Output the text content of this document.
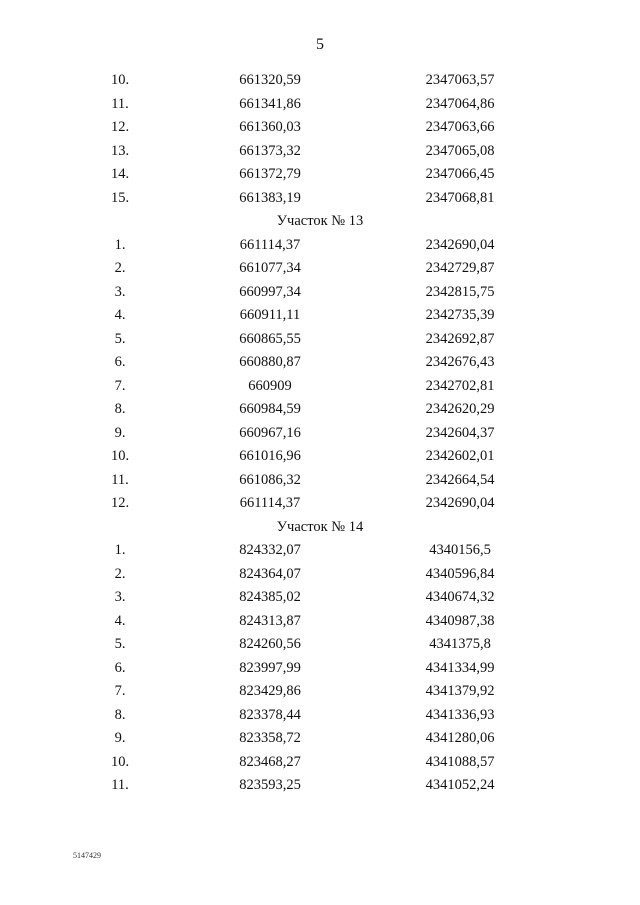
5
10.	661320,59	2347063,57
11.	661341,86	2347064,86
12.	661360,03	2347063,66
13.	661373,32	2347065,08
14.	661372,79	2347066,45
15.	661383,19	2347068,81
Участок № 13
1.	661114,37	2342690,04
2.	661077,34	2342729,87
3.	660997,34	2342815,75
4.	660911,11	2342735,39
5.	660865,55	2342692,87
6.	660880,87	2342676,43
7.	660909	2342702,81
8.	660984,59	2342620,29
9.	660967,16	2342604,37
10.	661016,96	2342602,01
11.	661086,32	2342664,54
12.	661114,37	2342690,04
Участок № 14
1.	824332,07	4340156,5
2.	824364,07	4340596,84
3.	824385,02	4340674,32
4.	824313,87	4340987,38
5.	824260,56	4341375,8
6.	823997,99	4341334,99
7.	823429,86	4341379,92
8.	823378,44	4341336,93
9.	823358,72	4341280,06
10.	823468,27	4341088,57
11.	823593,25	4341052,24
5147429
